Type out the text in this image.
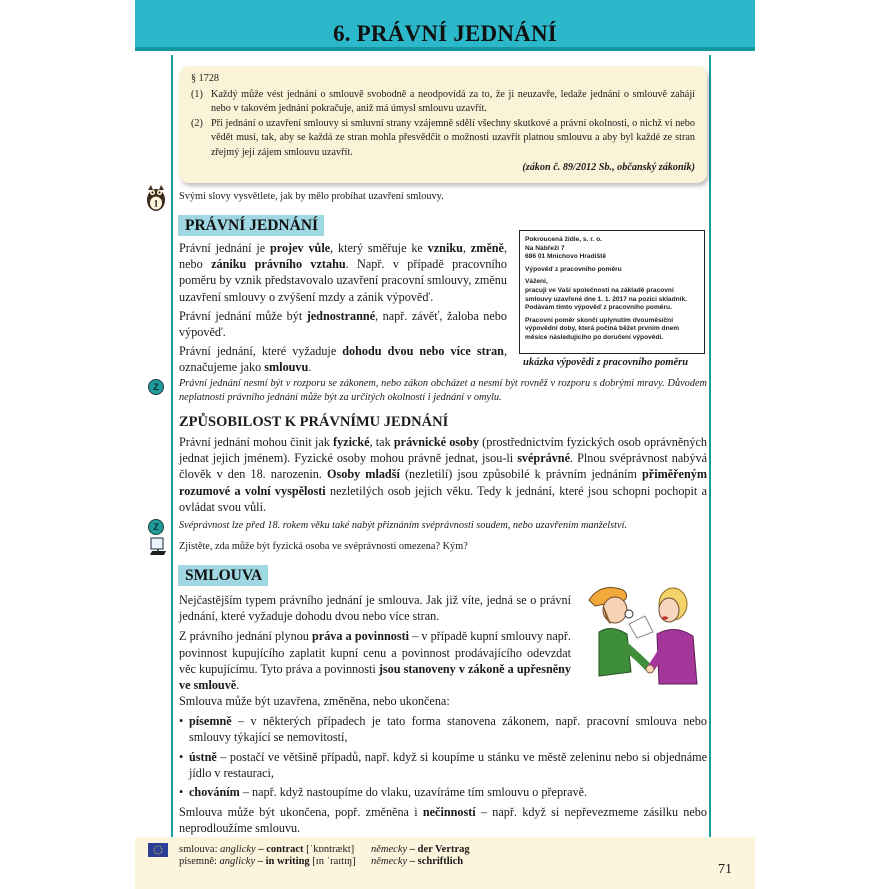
6. PRÁVNÍ JEDNÁNÍ
§ 1728
(1) Každý může vést jednání o smlouvě svobodně a neodpovídá za to, že ji neuzavře, ledaže jednání o smlouvě zahájí nebo v takovém jednání pokračuje, aniž má úmysl smlouvu uzavřít.
(2) Při jednání o uzavření smlouvy si smluvní strany vzájemně sdělí všechny skutkové a právní okolnosti, o nichž ví nebo vědět musí, tak, aby se každá ze stran mohla přesvědčit o možnosti uzavřít platnou smlouvu a aby byl každé ze stran zřejmý její zájem smlouvu uzavřít.
(zákon č. 89/2012 Sb., občanský zákoník)
1
Svými slovy vysvětlete, jak by mělo probíhat uzavření smlouvy.
PRÁVNÍ JEDNÁNÍ

Právní jednání je projev vůle, který směřuje ke vzniku, změně, nebo zániku právního vztahu. Např. v případě pracovního poměru by vznik představovalo uzavření pracovní smlouvy, změnu uzavření smlouvy o zvýšení mzdy a zánik výpověď.

Právní jednání může být jednostranné, např. závěť, žaloba nebo výpověď.

Právní jednání, které vyžaduje dohodu dvou nebo více stran, označujeme jako smlouvu.

Pokroucená židle, s. r. o.

Na Nábřeží 7

686 01 Mnichovo Hradiště

Výpověď z pracovního poměru

Vážení,

pracuji ve Vaší společnosti na základě pracovní smlouvy uzavřené dne 1. 1. 2017 na pozici skladník. Podávám tímto výpověď z pracovního poměru.

Pracovní poměr skončí uplynutím dvouměsíční výpovědní doby, která počíná běžet prvním dnem měsíce následujícího po doručení výpovědi.

ukázka výpovědi z pracovního poměru
Z	Právní jednání nesmí být v rozporu se zákonem, nebo zákon obcházet a nesmí být rovněž v rozporu s dobrými mravy. Důvodem neplatnosti právního jednání může být za určitých okolností i jednání v omylu.
ZPŮSOBILOST K PRÁVNÍMU JEDNÁNÍ
Právní jednání mohou činit jak fyzické, tak právnické osoby (prostřednictvím fyzických osob oprávněných jednat jejich jménem). Fyzické osoby mohou právně jednat, jsou-li svéprávné. Plnou svéprávnost nabývá člověk v den 18. narozenin. Osoby mladší (nezletilí) jsou způsobilé k právním jednáním přiměřeným rozumové a volní vyspělosti nezletilých osob jejich věku. Tedy k jednání, které jsou schopni pochopit a ovládat svou vůlí.
Z	Svéprávnost lze před 18. rokem věku také nabýt přiznáním svéprávnosti soudem, nebo uzavřením manželství.
Zjistěte, zda může být fyzická osoba ve svéprávnosti omezena? Kým?
SMLOUVA

Nejčastějším typem právního jednání je smlouva. Jak již víte, jedná se o právní jednání, které vyžaduje dohodu dvou nebo více stran.

Z právního jednání plynou práva a povinnosti – v případě kupní smlouvy např. povinnost kupujícího zaplatit kupní cenu a povinnost prodávajícího odevzdat věc kupujícímu. Tyto práva a povinnosti jsou stanoveny v zákoně a upřesněny ve smlouvě.

Smlouva může být uzavřena, změněna, nebo ukončena:

• písemně – v některých případech je tato forma stanovena zákonem, např. pracovní smlouva nebo smlouvy týkající se nemovitostí,
• ústně – postačí ve většině případů, např. když si koupíme u stánku ve městě zeleninu nebo si objednáme jídlo v restauraci,
• chováním – např. když nastoupíme do vlaku, uzavíráme tím smlouvu o přepravě.

Smlouva může být ukončena, popř. změněna i nečinností – např. když si nepřevezmeme zásilku nebo neprodloužíme smlouvu.

smlouva: anglicky – contract [ˈkɒntrækt]	německy – der Vertrag
písemně: anglicky – in writing [ɪn ˈraɪtɪŋ]	německy – schriftlich
71
